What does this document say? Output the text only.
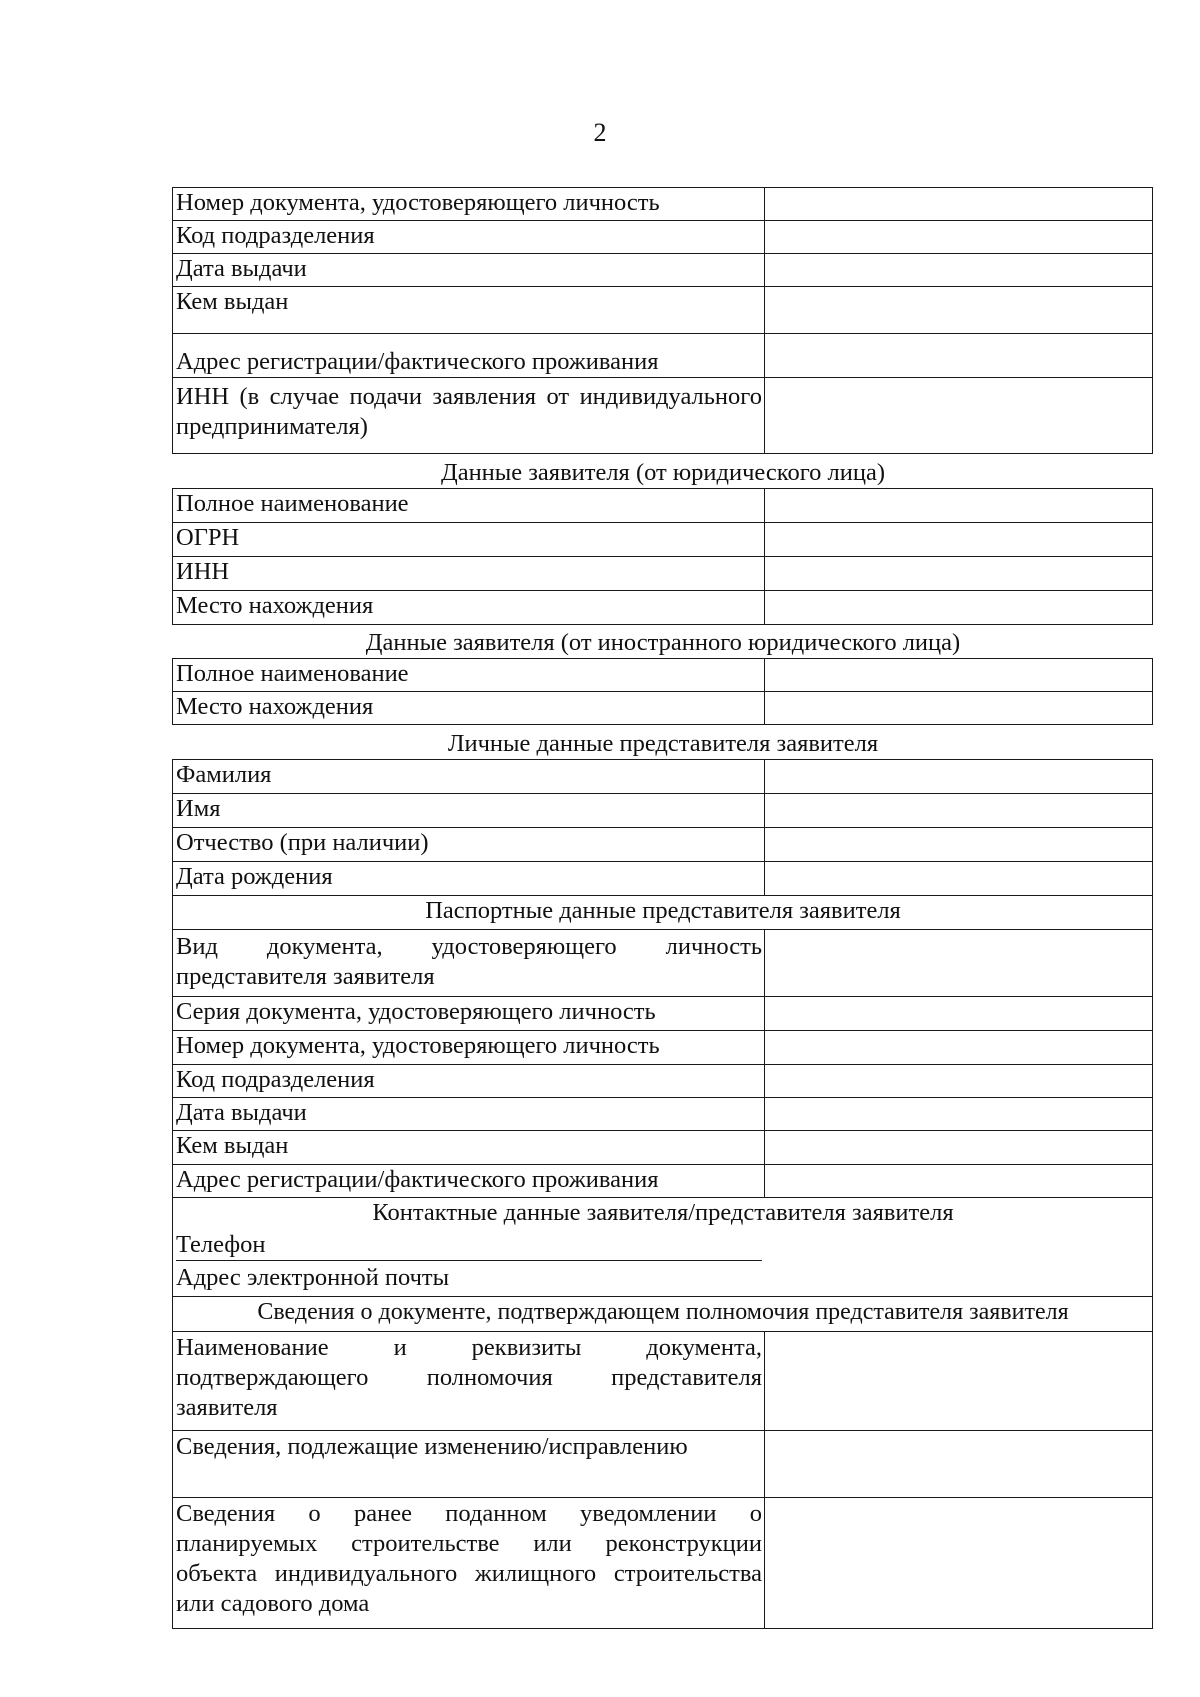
2
Номер документа, удостоверяющего личность	
Код подразделения	
Дата выдачи	
Кем выдан	
Адрес регистрации/фактического проживания	
ИНН (в случае подачи заявления от индивидуального предпринимателя)	
Данные заявителя (от юридического лица)	
Полное наименование	
ОГРН	
ИНН	
Место нахождения	
Данные заявителя (от иностранного юридического лица)	
Полное наименование	
Место нахождения	
Личные данные представителя заявителя	
Фамилия	
Имя	
Отчество (при наличии)	
Дата рождения	
Паспортные данные представителя заявителя	
Вид документа, удостоверяющего личность представителя заявителя	
Серия документа, удостоверяющего личность	
Номер документа, удостоверяющего личность	
Код подразделения	
Дата выдачи	
Кем выдан	
Адрес регистрации/фактического проживания	
Контактные данные заявителя/представителя заявителя	
Телефон	
Адрес электронной почты	
Сведения о документе, подтверждающем полномочия представителя заявителя	
Наименование и реквизиты документа, подтверждающего полномочия представителя заявителя	
Сведения, подлежащие изменению/исправлению	
Сведения о ранее поданном уведомлении о планируемых строительстве или реконструкции объекта индивидуального жилищного строительства или садового дома	
